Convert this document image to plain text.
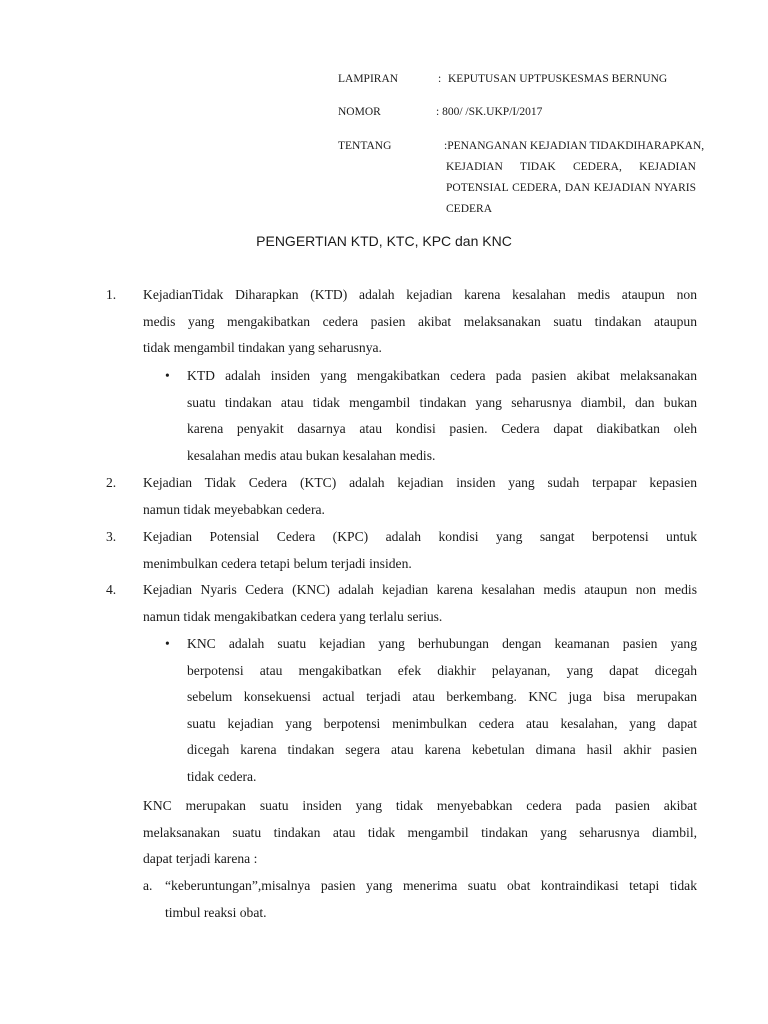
LAMPIRAN	: KEPUTUSAN UPTPUSKESMAS BERNUNG
NOMOR	: 800/ /SK.UKP/I/2017
TENTANG	:PENANGANAN KEJADIAN TIDAKDIHARAPKAN,
KEJADIAN TIDAK CEDERA, KEJADIAN
POTENSIAL CEDERA, DAN KEJADIAN NYARIS
CEDERA
PENGERTIAN KTD, KTC, KPC dan KNC
1. KejadianTidak Diharapkan (KTD) adalah kejadian karena kesalahan medis ataupun non
medis yang mengakibatkan cedera pasien akibat melaksanakan suatu tindakan ataupun
tidak mengambil tindakan yang seharusnya.
• KTD adalah insiden yang mengakibatkan cedera pada pasien akibat melaksanakan
suatu tindakan atau tidak mengambil tindakan yang seharusnya diambil, dan bukan
karena penyakit dasarnya atau kondisi pasien. Cedera dapat diakibatkan oleh
kesalahan medis atau bukan kesalahan medis.
2. Kejadian Tidak Cedera (KTC) adalah kejadian insiden yang sudah terpapar kepasien
namun tidak meyebabkan cedera.
3. Kejadian Potensial Cedera (KPC) adalah kondisi yang sangat berpotensi untuk
menimbulkan cedera tetapi belum terjadi insiden.
4. Kejadian Nyaris Cedera (KNC) adalah kejadian karena kesalahan medis ataupun non medis
namun tidak mengakibatkan cedera yang terlalu serius.
• KNC adalah suatu kejadian yang berhubungan dengan keamanan pasien yang
berpotensi atau mengakibatkan efek diakhir pelayanan, yang dapat dicegah
sebelum konsekuensi actual terjadi atau berkembang. KNC juga bisa merupakan
suatu kejadian yang berpotensi menimbulkan cedera atau kesalahan, yang dapat
dicegah karena tindakan segera atau karena kebetulan dimana hasil akhir pasien
tidak cedera.
KNC merupakan suatu insiden yang tidak menyebabkan cedera pada pasien akibat
melaksanakan suatu tindakan atau tidak mengambil tindakan yang seharusnya diambil,
dapat terjadi karena :
a. “keberuntungan”,misalnya pasien yang menerima suatu obat kontraindikasi tetapi tidak
timbul reaksi obat.
